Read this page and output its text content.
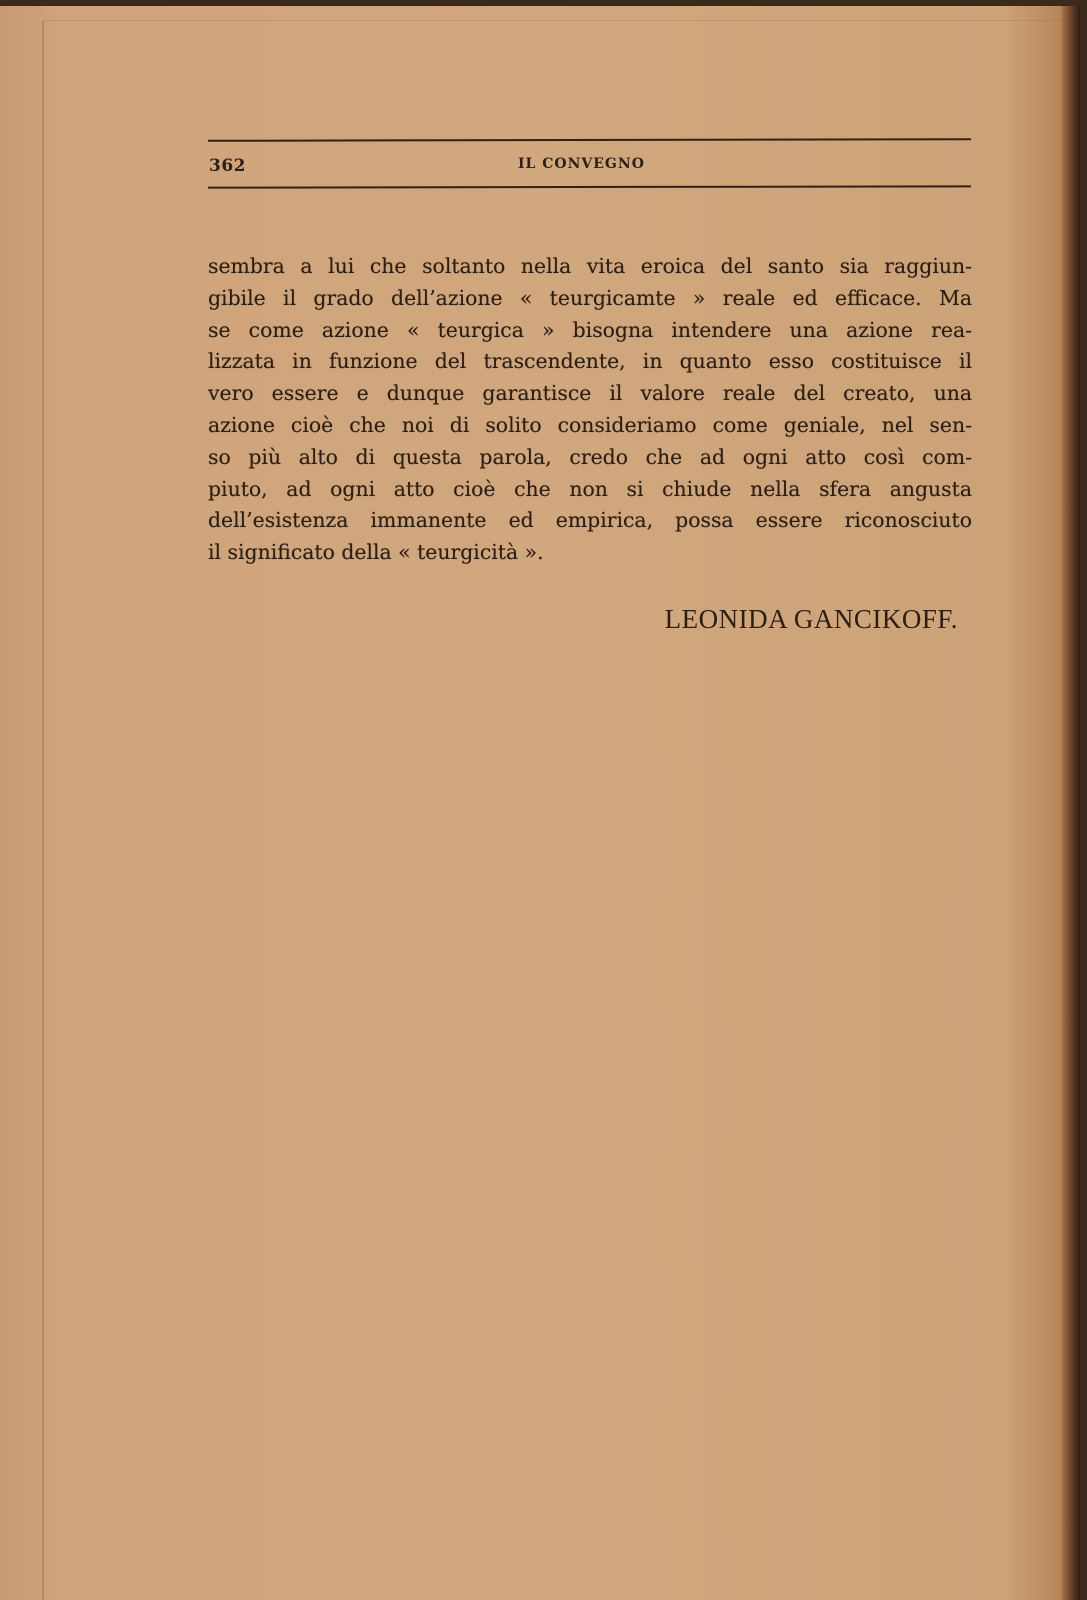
362	IL CONVEGNO
sembra a lui che soltanto nella vita eroica del santo sia raggiun-
gibile il grado dell’azione « teurgicamte » reale ed efficace. Ma
se come azione « teurgica » bisogna intendere una azione rea-
lizzata in funzione del trascendente, in quanto esso costituisce il
vero essere e dunque garantisce il valore reale del creato, una
azione cioè che noi di solito consideriamo come geniale, nel sen-
so più alto di questa parola, credo che ad ogni atto così com-
piuto, ad ogni atto cioè che non si chiude nella sfera angusta
dell’esistenza immanente ed empirica, possa essere riconosciuto
il significato della « teurgicità ».
LEONIDA GANCIKOFF.
